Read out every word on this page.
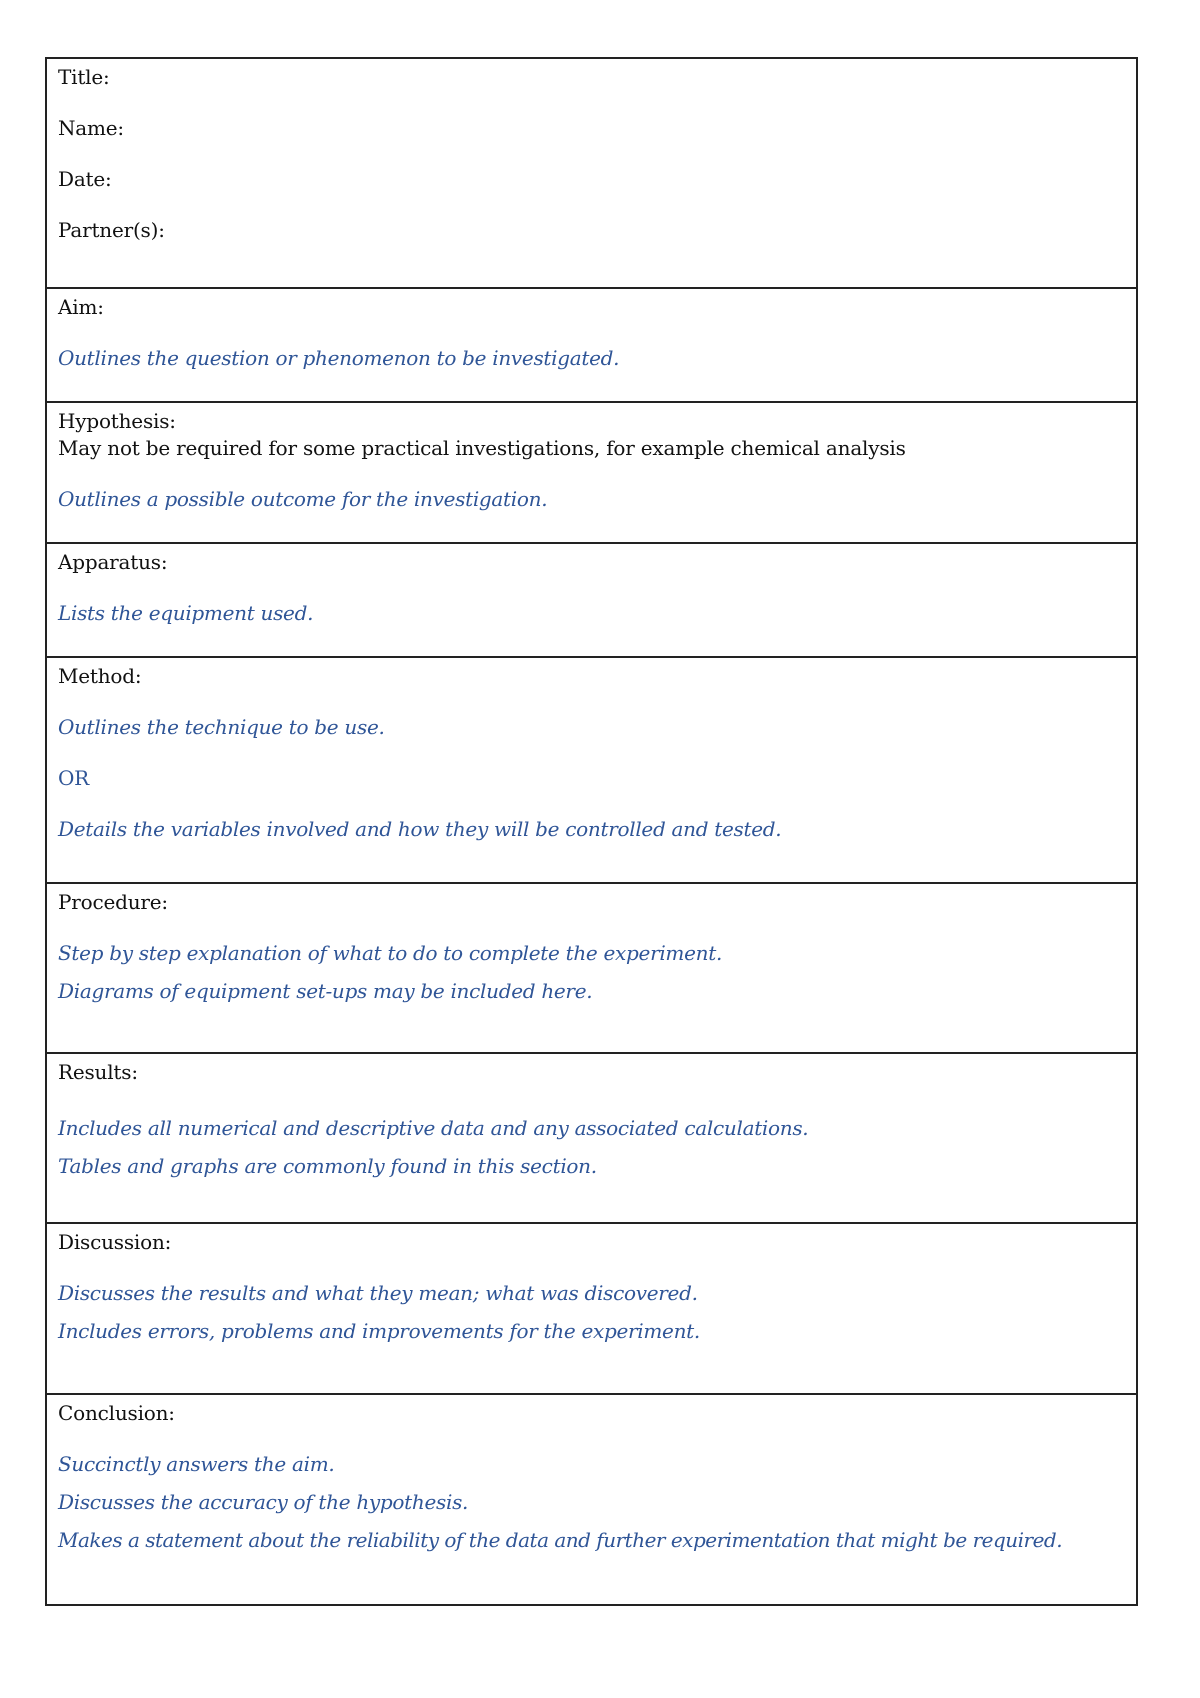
Title:

Name:

Date:

Partner(s):

Aim:

Outlines the question or phenomenon to be investigated.

Hypothesis:

May not be required for some practical investigations, for example chemical analysis

Outlines a possible outcome for the investigation.

Apparatus:

Lists the equipment used.

Method:

Outlines the technique to be use.

OR

Details the variables involved and how they will be controlled and tested.

Procedure:

Step by step explanation of what to do to complete the experiment.

Diagrams of equipment set-ups may be included here.

Results:

Includes all numerical and descriptive data and any associated calculations.

Tables and graphs are commonly found in this section.

Discussion:

Discusses the results and what they mean; what was discovered.

Includes errors, problems and improvements for the experiment.

Conclusion:

Succinctly answers the aim.

Discusses the accuracy of the hypothesis.

Makes a statement about the reliability of the data and further experimentation that might be required.
